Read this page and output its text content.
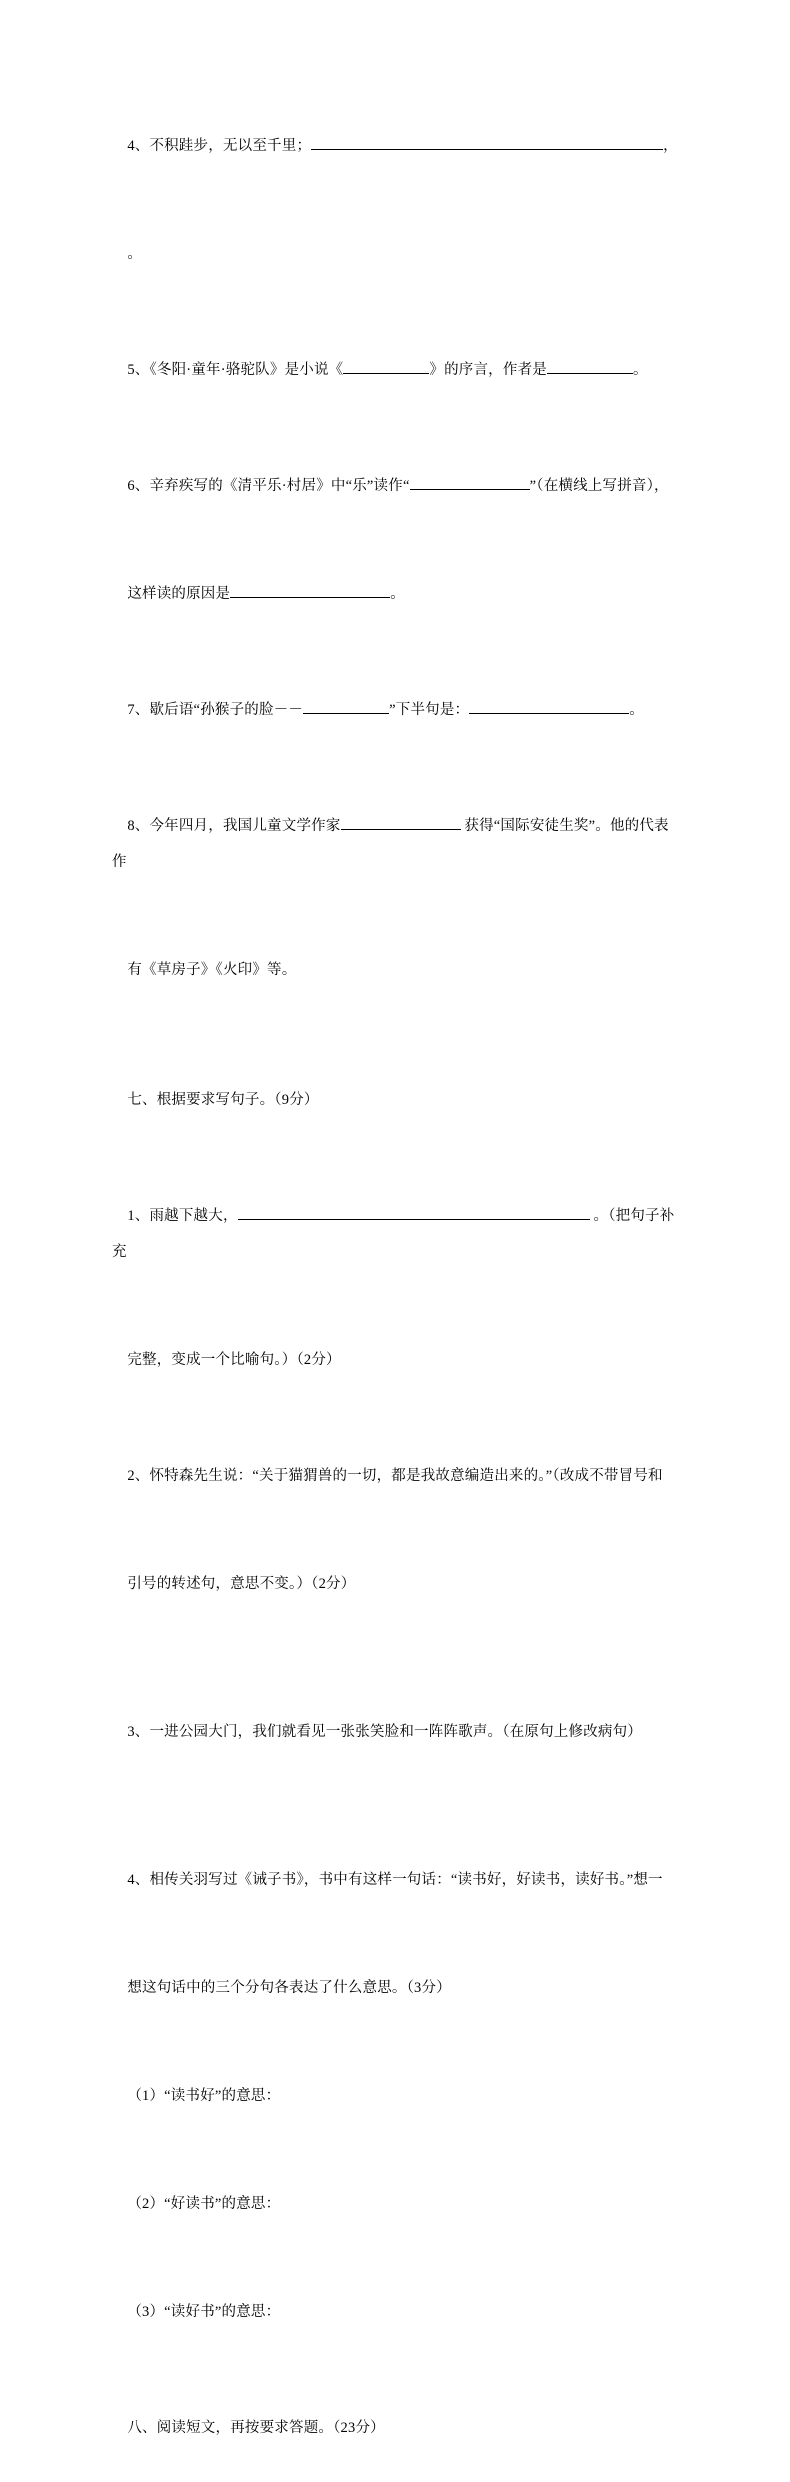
4、不积跬步，无以至千里；	，

。

5、《冬阳·童年·骆驼队》是小说《	》的序言，作者是	。

6、辛弃疾写的《清平乐·村居》中“乐”读作“	”（在横线上写拼音），

这样读的原因是	。

7、歇后语“孙猴子的脸－－	”下半句是：	。

8、今年四月，我国儿童文学作家	获得“国际安徒生奖”。他的代表作

有《草房子》《火印》等。

七、根据要求写句子。（9分）

1、雨越下越大，	。（把句子补充

完整，变成一个比喻句。）（2分）

2、怀特森先生说：“关于猫猬兽的一切，都是我故意编造出来的。”（改成不带冒号和

引号的转述句，意思不变。）（2分）

3、一进公园大门，我们就看见一张张笑脸和一阵阵歌声。（在原句上修改病句）

4、相传关羽写过《诫子书》，书中有这样一句话：“读书好，好读书，读好书。”想一

想这句话中的三个分句各表达了什么意思。（3分）

（1）“读书好”的意思：

（2）“好读书”的意思：

（3）“读好书”的意思：

八、阅读短文，再按要求答题。（23分）
